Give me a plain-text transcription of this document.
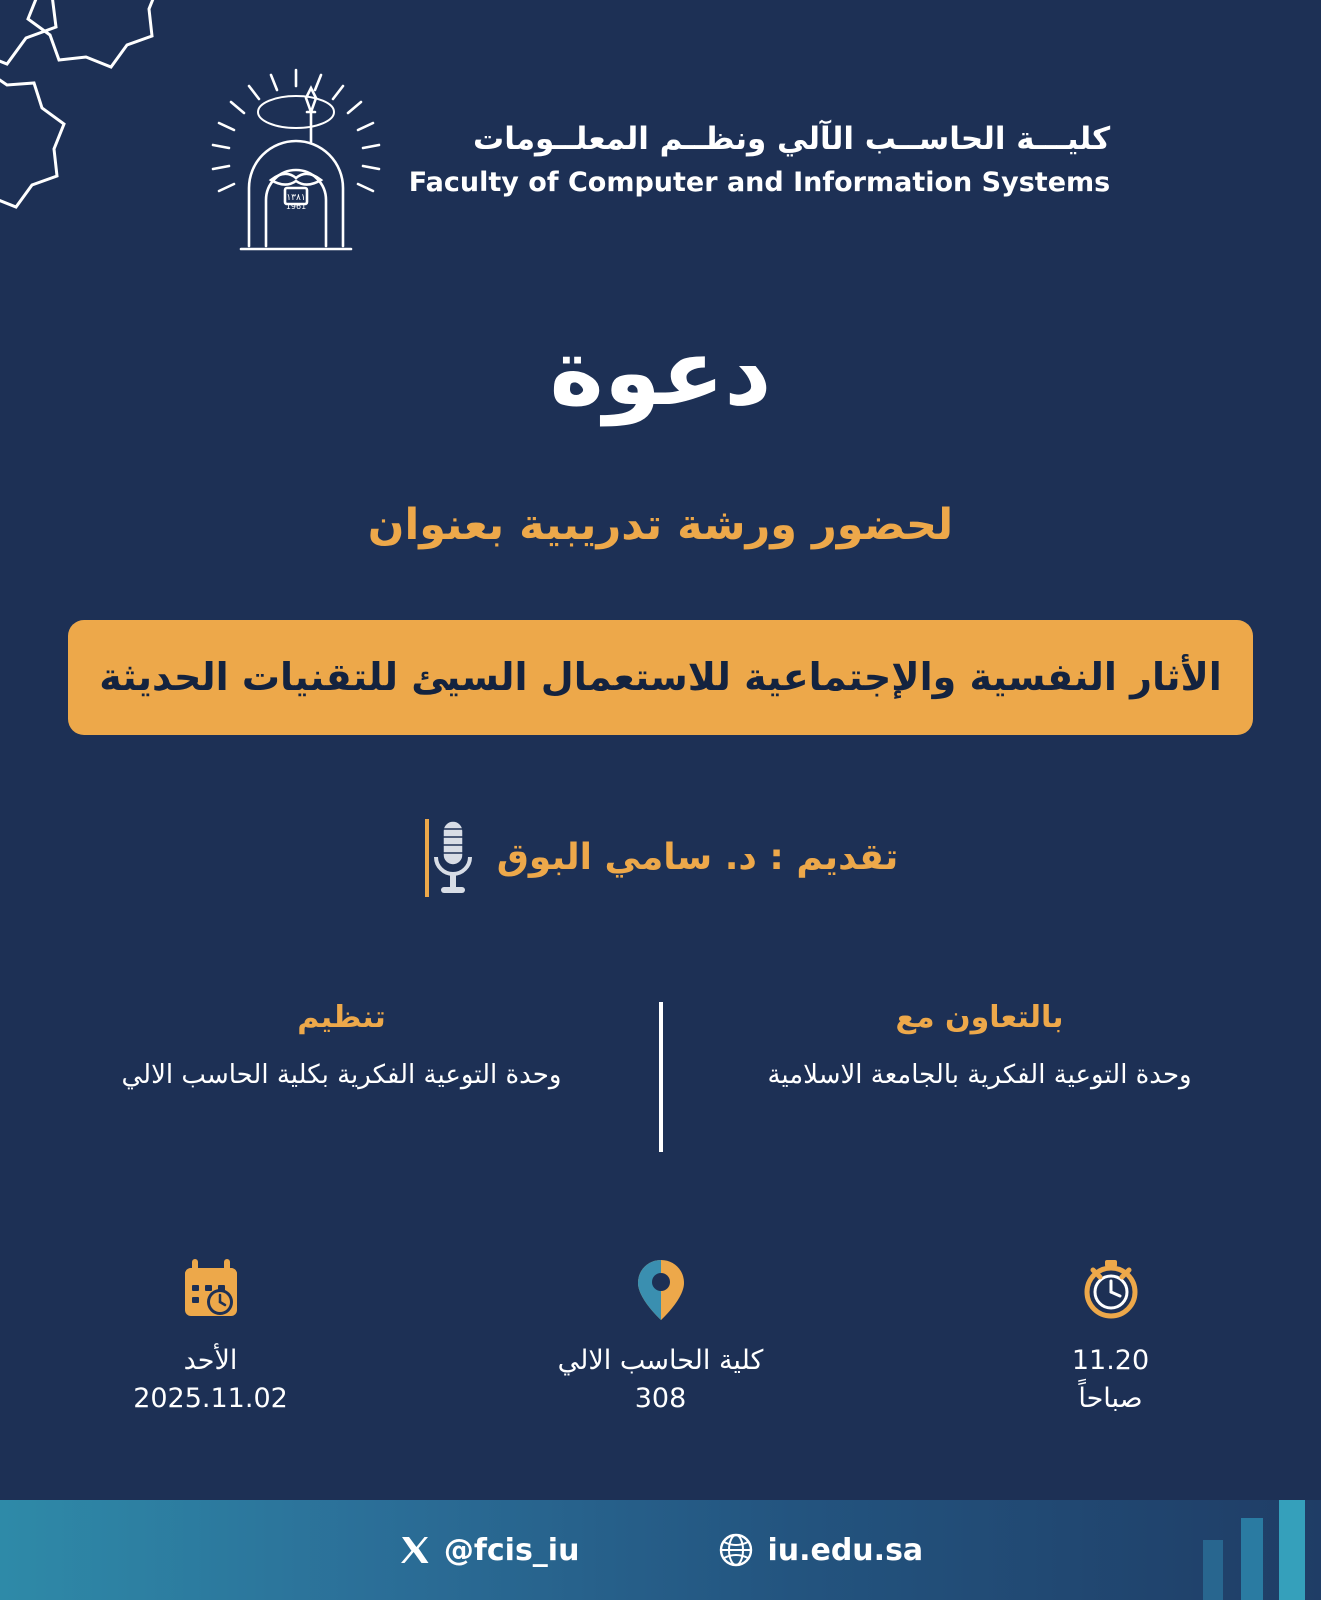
كليـــة الحاســب الآلي ونظــم المعلــومات
Faculty of Computer and Information Systems
١٣٨١
1961
دعوة
لحضور ورشة تدريبية بعنوان
الأثار النفسية والإجتماعية للاستعمال السيئ للتقنيات الحديثة
تقديم : د. سامي البوق
بالتعاون مع
وحدة التوعية الفكرية بالجامعة الاسلامية
تنظيم
وحدة التوعية الفكرية بكلية الحاسب الالي
11.20
صباحاً
كلية الحاسب الالي
308
الأحد
2025.11.02
iu.edu.sa
@fcis_iu
